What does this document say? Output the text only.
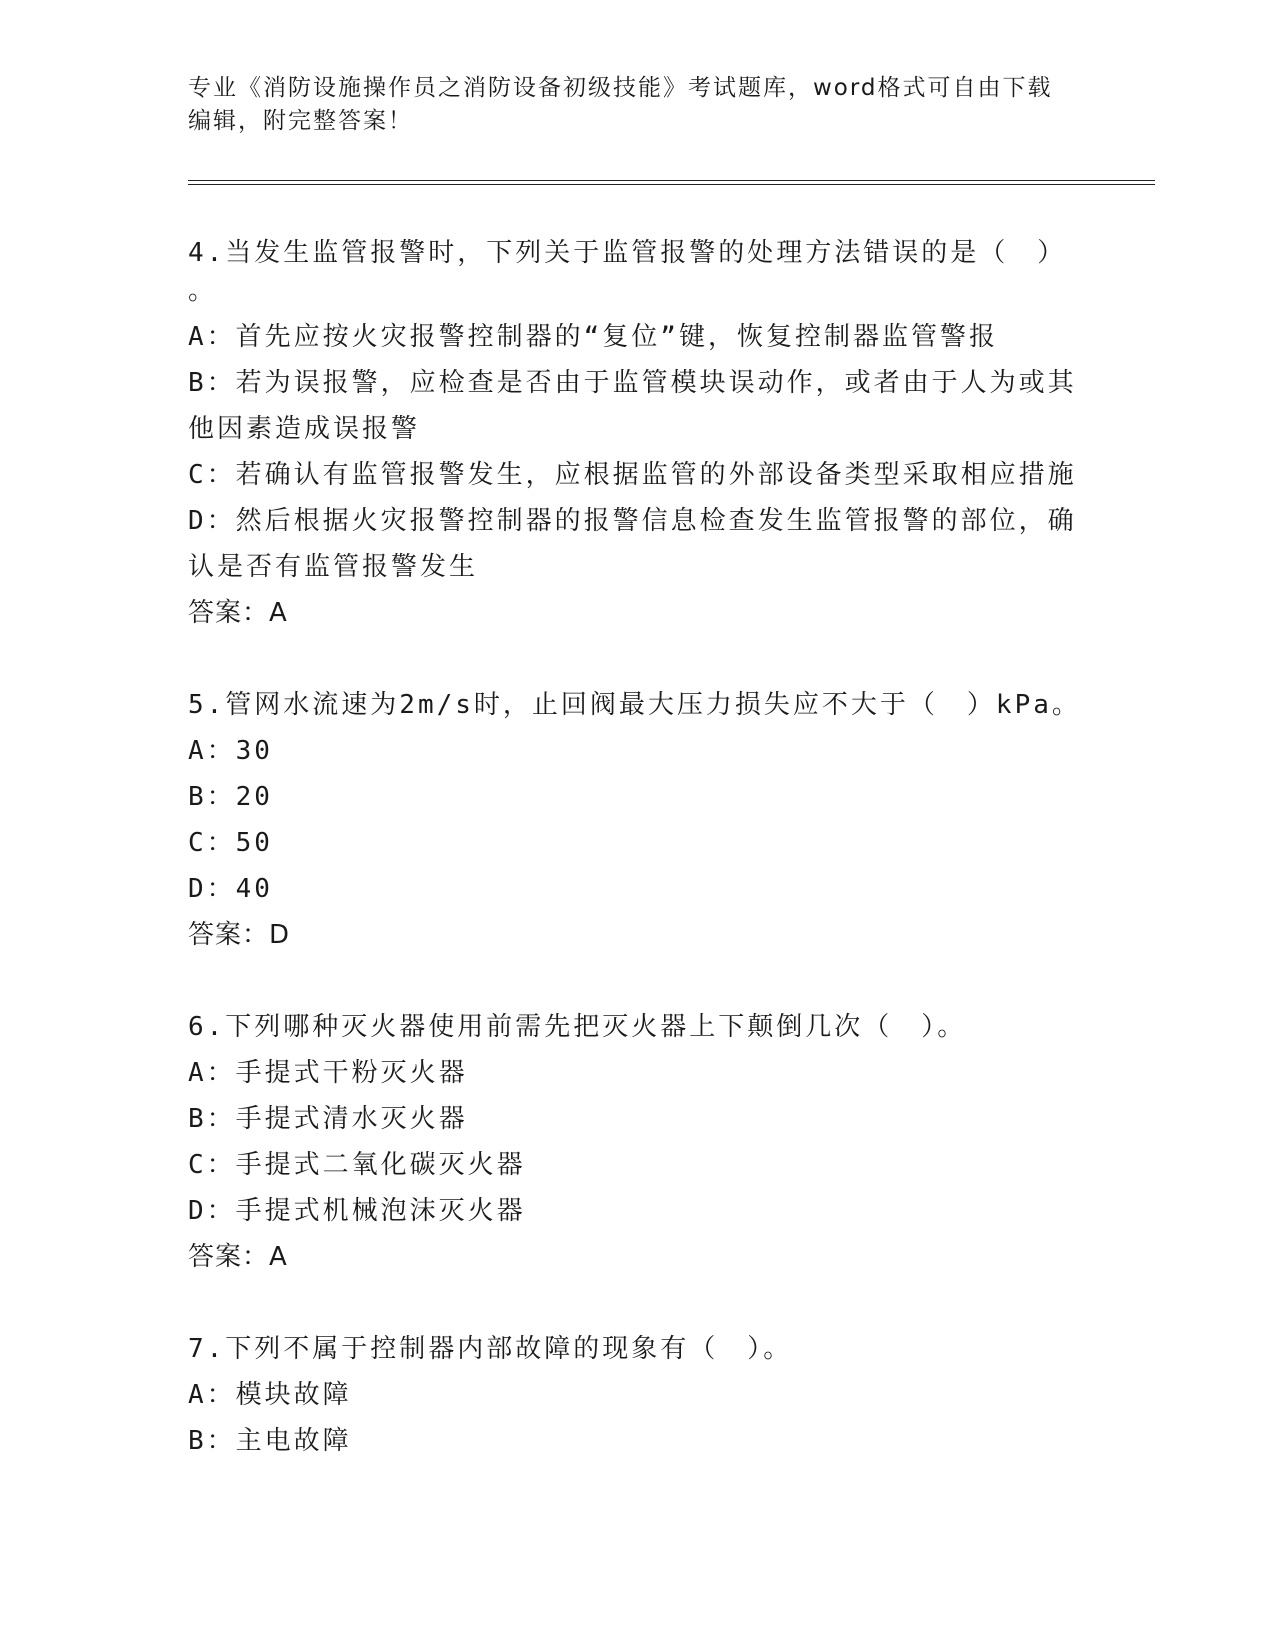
专业《消防设施操作员之消防设备初级技能》考试题库，word格式可自由下载编辑，附完整答案！
4.当发生监管报警时，下列关于监管报警的处理方法错误的是（　）
。
A：首先应按火灾报警控制器的“复位”键，恢复控制器监管警报
B：若为误报警，应检查是否由于监管模块误动作，或者由于人为或其
他因素造成误报警
C：若确认有监管报警发生，应根据监管的外部设备类型采取相应措施
D：然后根据火灾报警控制器的报警信息检查发生监管报警的部位，确
认是否有监管报警发生
答案：A
5.管网水流速为2m/s时，止回阀最大压力损失应不大于（　）kPa。
A：30
B：20
C：50
D：40
答案：D
6.下列哪种灭火器使用前需先把灭火器上下颠倒几次（　）。
A：手提式干粉灭火器
B：手提式清水灭火器
C：手提式二氧化碳灭火器
D：手提式机械泡沫灭火器
答案：A
7.下列不属于控制器内部故障的现象有（　）。
A：模块故障
B：主电故障
